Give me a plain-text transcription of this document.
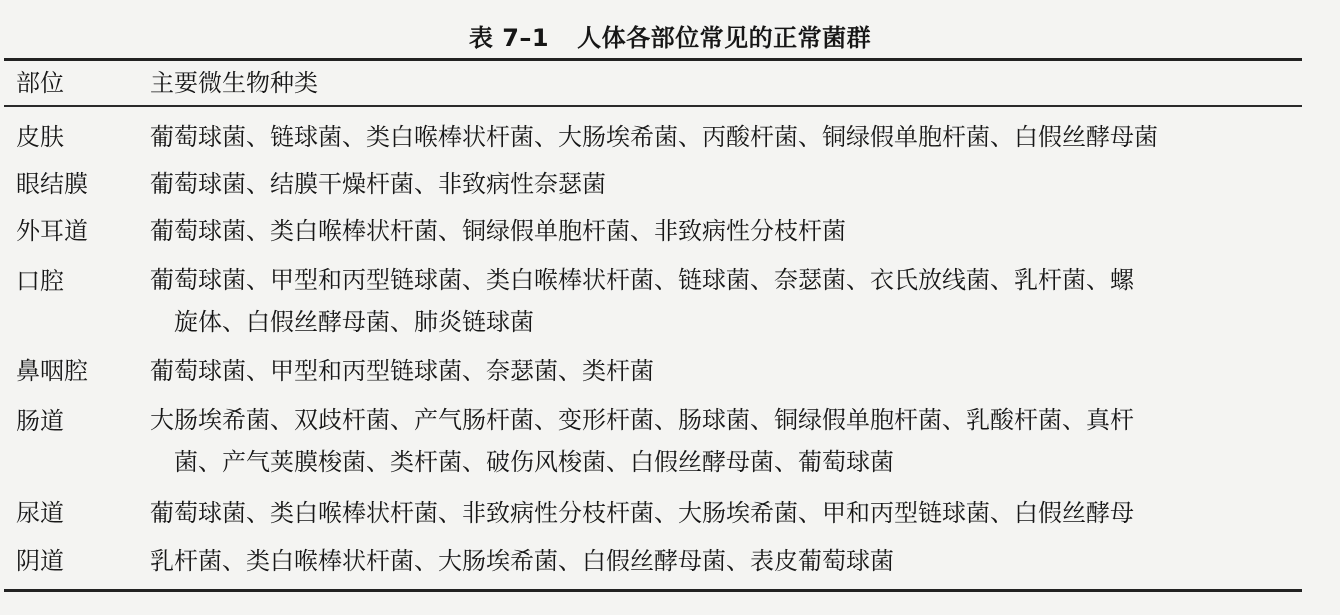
表 7–1 人体各部位常见的正常菌群
部位	主要微生物种类
皮肤	葡萄球菌、链球菌、类白喉棒状杆菌、大肠埃希菌、丙酸杆菌、铜绿假单胞杆菌、白假丝酵母菌
眼结膜	葡萄球菌、结膜干燥杆菌、非致病性奈瑟菌
外耳道	葡萄球菌、类白喉棒状杆菌、铜绿假单胞杆菌、非致病性分枝杆菌
口腔	葡萄球菌、甲型和丙型链球菌、类白喉棒状杆菌、链球菌、奈瑟菌、衣氏放线菌、乳杆菌、螺
旋体、白假丝酵母菌、肺炎链球菌
鼻咽腔	葡萄球菌、甲型和丙型链球菌、奈瑟菌、类杆菌
肠道	大肠埃希菌、双歧杆菌、产气肠杆菌、变形杆菌、肠球菌、铜绿假单胞杆菌、乳酸杆菌、真杆
菌、产气荚膜梭菌、类杆菌、破伤风梭菌、白假丝酵母菌、葡萄球菌
尿道	葡萄球菌、类白喉棒状杆菌、非致病性分枝杆菌、大肠埃希菌、甲和丙型链球菌、白假丝酵母
阴道	乳杆菌、类白喉棒状杆菌、大肠埃希菌、白假丝酵母菌、表皮葡萄球菌
